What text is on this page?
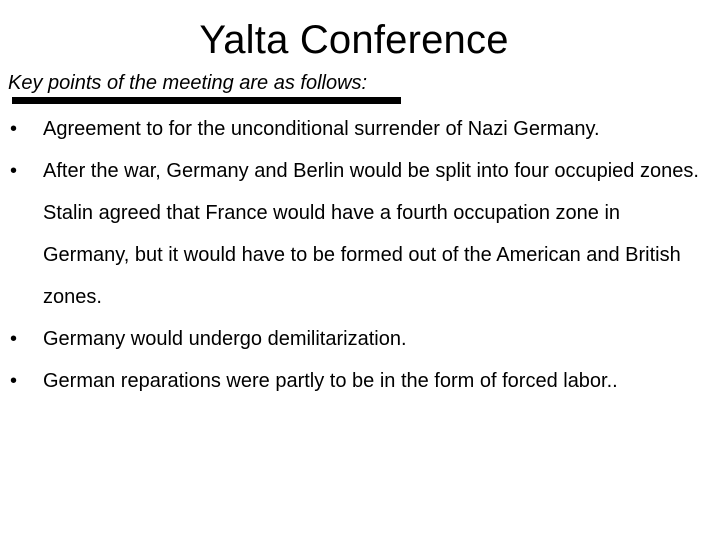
Yalta Conference
Key points of the meeting are as follows:
• Agreement to for the unconditional surrender of Nazi Germany.
• After the war, Germany and Berlin would be split into four occupied zones. Stalin agreed that France would have a fourth occupation zone in Germany, but it would have to be formed out of the American and British zones.
• Germany would undergo demilitarization.
• German reparations were partly to be in the form of forced labor..
